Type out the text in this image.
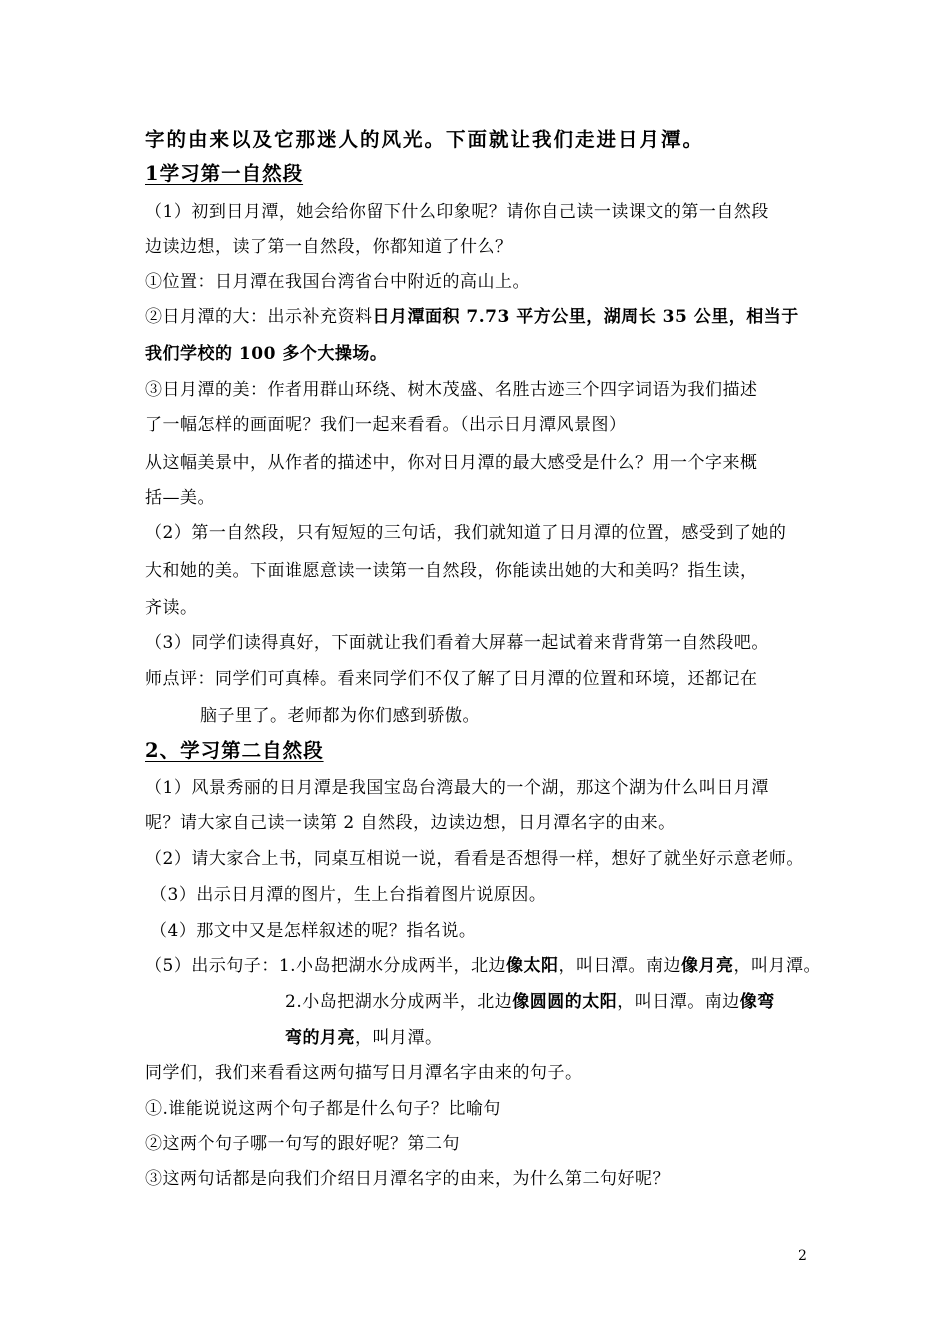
字的由来以及它那迷人的风光。下面就让我们走进日月潭。
1学习第一自然段
（1）初到日月潭，她会给你留下什么印象呢？请你自己读一读课文的第一自然段
边读边想，读了第一自然段，你都知道了什么？
①位置：日月潭在我国台湾省台中附近的高山上。
②日月潭的大：出示补充资料日月潭面积 7.73 平方公里，湖周长 35 公里，相当于
我们学校的 100 多个大操场。
③日月潭的美：作者用群山环绕、树木茂盛、名胜古迹三个四字词语为我们描述
了一幅怎样的画面呢？我们一起来看看。（出示日月潭风景图）
从这幅美景中，从作者的描述中，你对日月潭的最大感受是什么？用一个字来概
括—美。
（2）第一自然段，只有短短的三句话，我们就知道了日月潭的位置，感受到了她的
大和她的美。下面谁愿意读一读第一自然段，你能读出她的大和美吗？指生读，
齐读。
（3）同学们读得真好，下面就让我们看着大屏幕一起试着来背背第一自然段吧。
师点评：同学们可真棒。看来同学们不仅了解了日月潭的位置和环境，还都记在
脑子里了。老师都为你们感到骄傲。
2、学习第二自然段
（1）风景秀丽的日月潭是我国宝岛台湾最大的一个湖，那这个湖为什么叫日月潭
呢？请大家自己读一读第 2 自然段，边读边想，日月潭名字的由来。
（2）请大家合上书，同桌互相说一说，看看是否想得一样，想好了就坐好示意老师。
（3）出示日月潭的图片，生上台指着图片说原因。
（4）那文中又是怎样叙述的呢？指名说。
（5）出示句子：1.小岛把湖水分成两半，北边像太阳，叫日潭。南边像月亮，叫月潭。
2.小岛把湖水分成两半，北边像圆圆的太阳，叫日潭。南边像弯
弯的月亮，叫月潭。
同学们，我们来看看这两句描写日月潭名字由来的句子。
①.谁能说说这两个句子都是什么句子？比喻句
②这两个句子哪一句写的跟好呢？第二句
③这两句话都是向我们介绍日月潭名字的由来，为什么第二句好呢？
2
